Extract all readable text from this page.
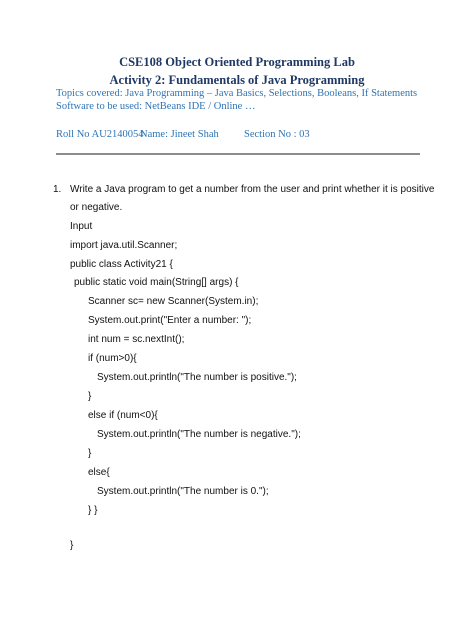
CSE108 Object Oriented Programming Lab
Activity 2: Fundamentals of Java Programming
Topics covered: Java Programming – Java Basics, Selections, Booleans, If Statements
Software to be used: NetBeans IDE / Online …
Roll No AU2140054
Name: Jineet Shah Section No : 03
1. Write a Java program to get a number from the user and print whether it is positive
or negative.
Input
import java.util.Scanner;
public class Activity21 {
public static void main(String[] args) {
Scanner sc= new Scanner(System.in);
System.out.print("Enter a number: ");
int num = sc.nextInt();
if (num>0){
System.out.println("The number is positive.");
}
else if (num<0){
System.out.println("The number is negative.");
}
else{
System.out.println("The number is 0.");
} }
}
